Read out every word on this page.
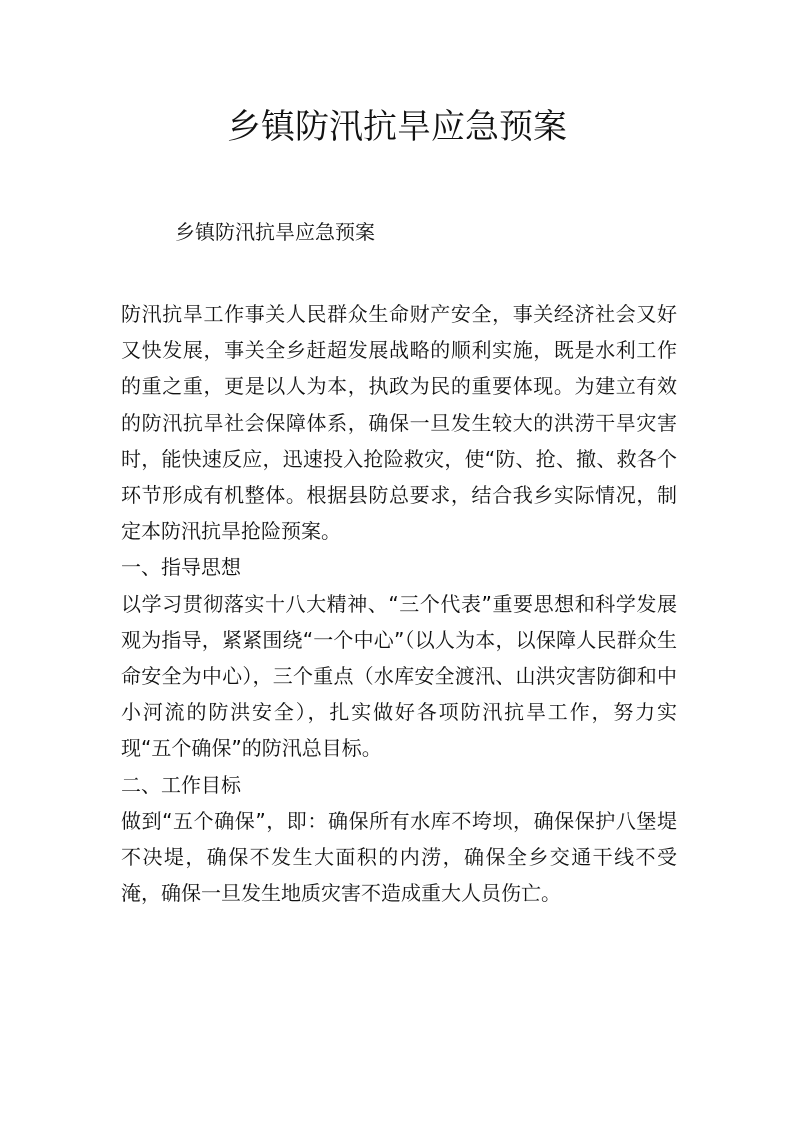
乡镇防汛抗旱应急预案

乡镇防汛抗旱应急预案

防汛抗旱工作事关人民群众生命财产安全，事关经济社会又好又快发展，事关全乡赶超发展战略的顺利实施，既是水利工作的重之重，更是以人为本，执政为民的重要体现。为建立有效的防汛抗旱社会保障体系，确保一旦发生较大的洪涝干旱灾害时，能快速反应，迅速投入抢险救灾，使“防、抢、撤、救各个环节形成有机整体。根据县防总要求，结合我乡实际情况，制定本防汛抗旱抢险预案。

一、指导思想

以学习贯彻落实十八大精神、“三个代表”重要思想和科学发展观为指导，紧紧围绕“一个中心”（以人为本，以保障人民群众生命安全为中心），三个重点（水库安全渡汛、山洪灾害防御和中小河流的防洪安全），扎实做好各项防汛抗旱工作，努力实现“五个确保”的防汛总目标。

二、工作目标

做到“五个确保”，即：确保所有水库不垮坝，确保保护八堡堤不决堤，确保不发生大面积的内涝，确保全乡交通干线不受淹，确保一旦发生地质灾害不造成重大人员伤亡。
